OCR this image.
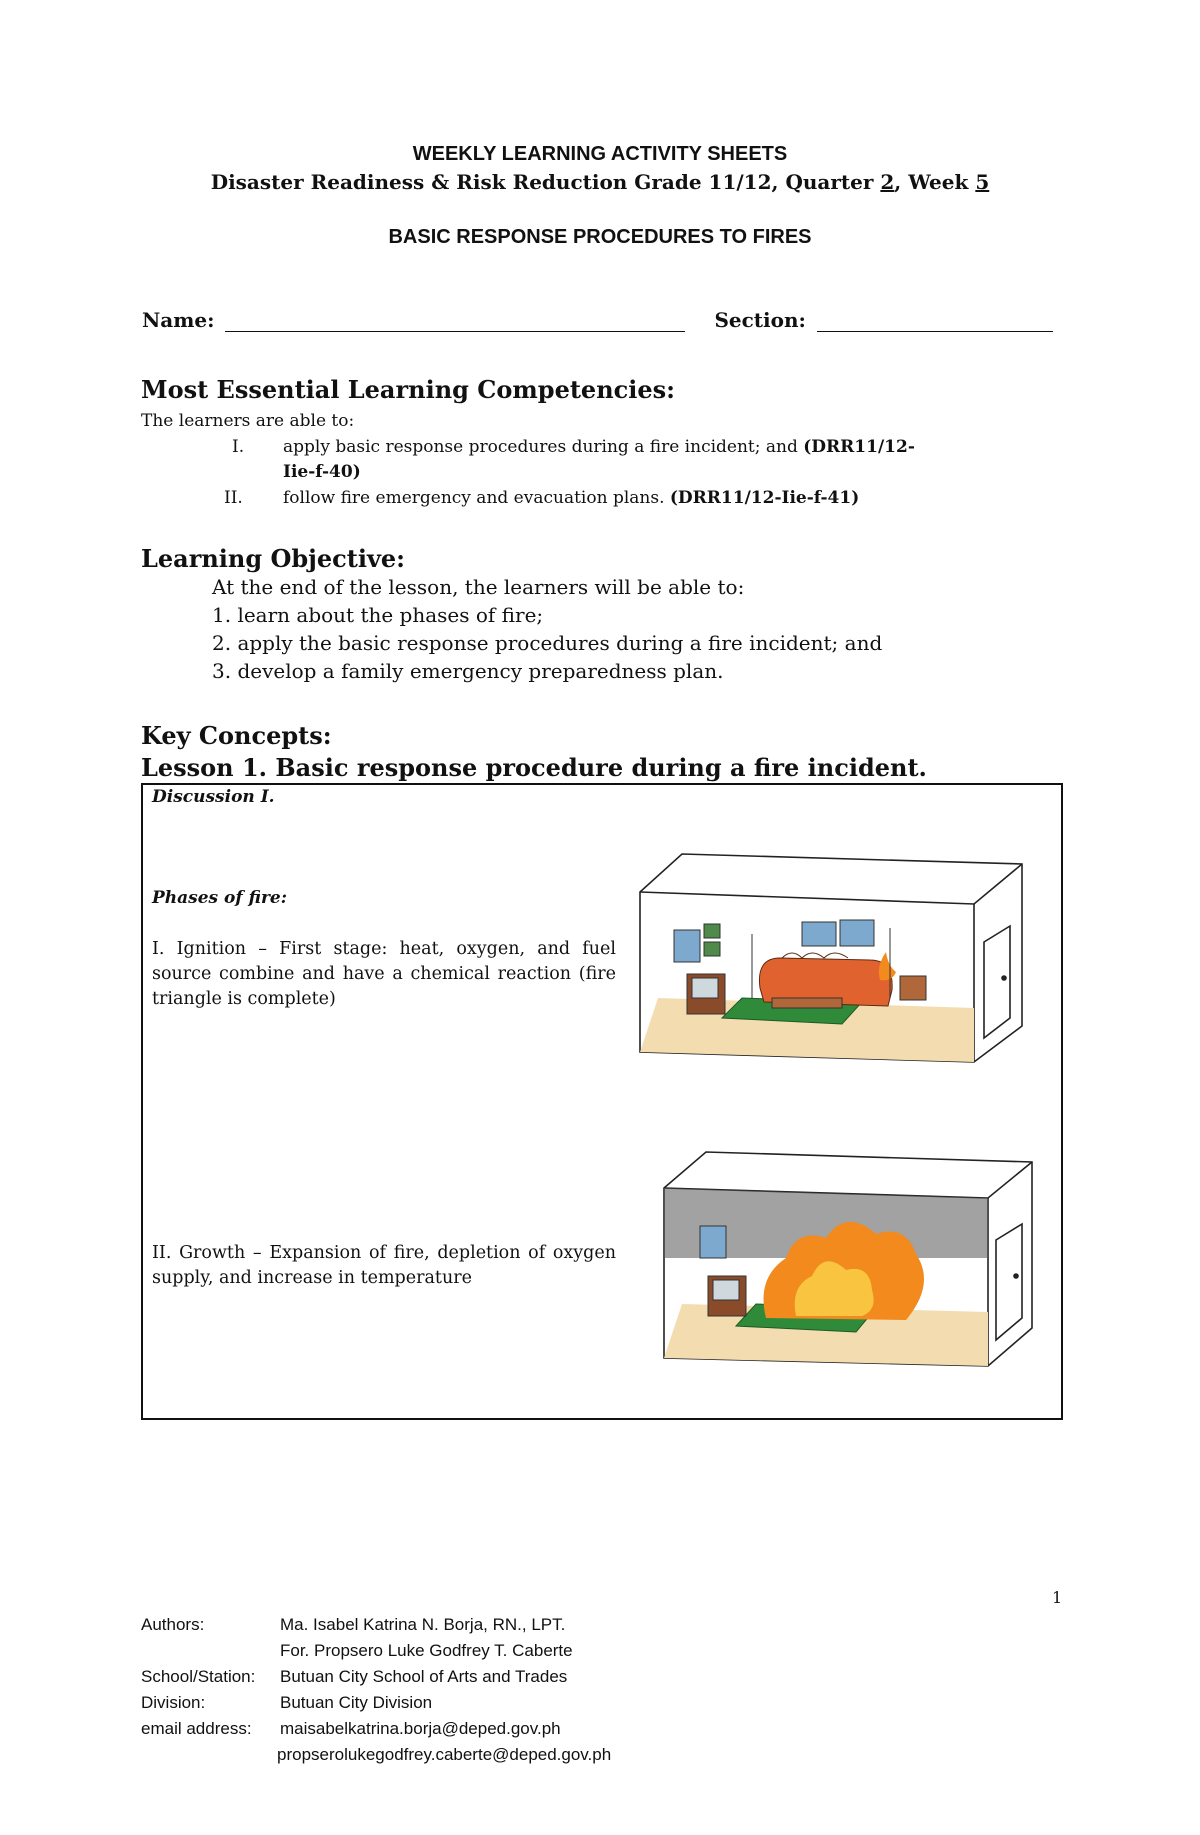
WEEKLY LEARNING ACTIVITY SHEETS
Disaster Readiness & Risk Reduction Grade 11/12, Quarter 2, Week 5
BASIC RESPONSE PROCEDURES TO FIRES
Name:	Section:
Most Essential Learning Competencies:
The learners are able to:
I. apply basic response procedures during a fire incident; and (DRR11/12-
Iie-f-40)
II. follow fire emergency and evacuation plans. (DRR11/12-Iie-f-41)
Learning Objective:
At the end of the lesson, the learners will be able to:
1. learn about the phases of fire;
2. apply the basic response procedures during a fire incident; and
3. develop a family emergency preparedness plan.
Key Concepts:
Lesson 1. Basic response procedure during a fire incident.
Discussion I.
Phases of fire:
I. Ignition – First stage: heat, oxygen, and fuel source combine and have a chemical reaction (fire triangle is complete)
II. Growth – Expansion of fire, depletion of oxygen supply, and increase in temperature
1
Authors:	Ma. Isabel Katrina N. Borja, RN., LPT.
For. Propsero Luke Godfrey T. Caberte
School/Station: Butuan City School of Arts and Trades
Division:	Butuan City Division
email address: maisabelkatrina.borja@deped.gov.ph
propserolukegodfrey.caberte@deped.gov.ph
